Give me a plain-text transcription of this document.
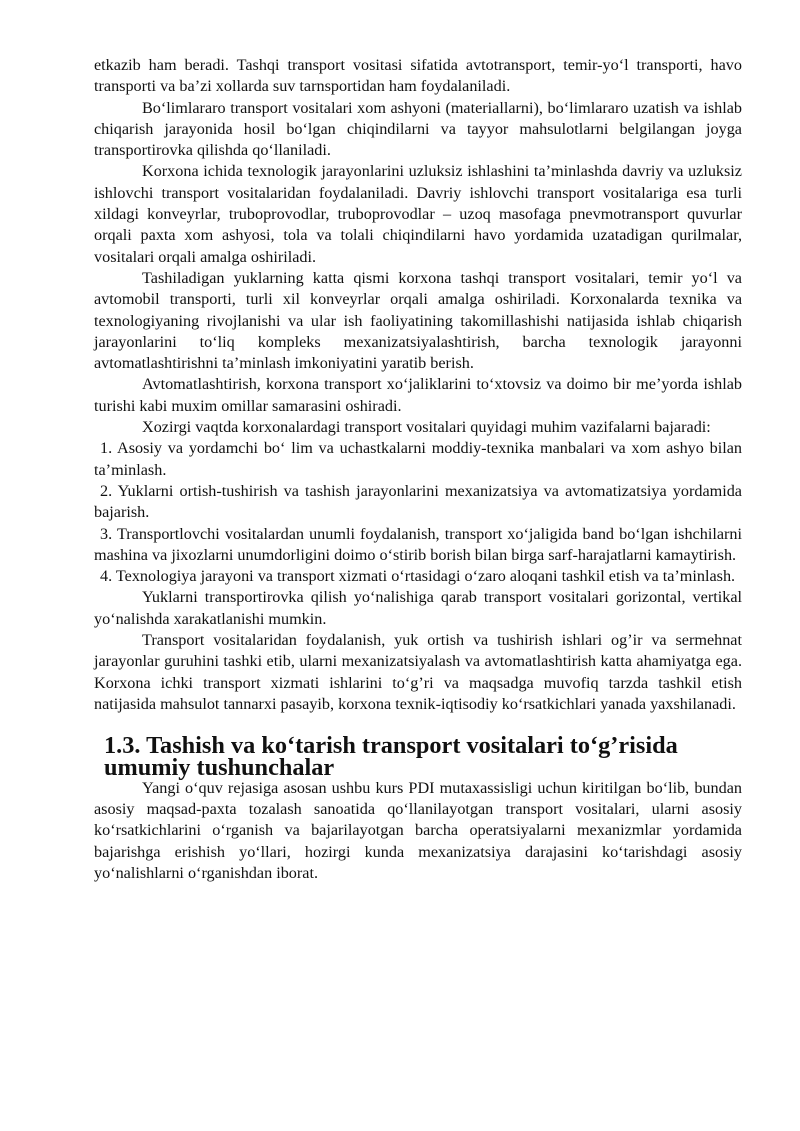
etkazib ham beradi. Tashqi transport vositasi sifatida avtotransport, temir-yo‘l transporti, havo transporti va ba’zi xollarda suv tarnsportidan ham foydalaniladi.

Bo‘limlararo transport vositalari xom ashyoni (materiallarni), bo‘limlararo uzatish va ishlab chiqarish jarayonida hosil bo‘lgan chiqindilarni va tayyor mahsulotlarni belgilangan joyga transportirovka qilishda qo‘llaniladi.

Korxona ichida texnologik jarayonlarini uzluksiz ishlashini ta’minlashda davriy va uzluksiz ishlovchi transport vositalaridan foydalaniladi. Davriy ishlovchi transport vositalariga esa turli xildagi konveyrlar, truboprovodlar, truboprovodlar – uzoq masofaga pnevmotransport quvurlar orqali paxta xom ashyosi, tola va tolali chiqindilarni havo yordamida uzatadigan qurilmalar, vositalari orqali amalga oshiriladi.

Tashiladigan yuklarning katta qismi korxona tashqi transport vositalari, temir yo‘l va avtomobil transporti, turli xil konveyrlar orqali amalga oshiriladi. Korxonalarda texnika va texnologiyaning rivojlanishi va ular ish faoliyatining takomillashishi natijasida ishlab chiqarish jarayonlarini to‘liq kompleks mexanizatsiyalashtirish, barcha texnologik jarayonni avtomatlashtirishni ta’minlash imkoniyatini yaratib berish.

Avtomatlashtirish, korxona transport xo‘jaliklarini to‘xtovsiz va doimo bir me’yorda ishlab turishi kabi muxim omillar samarasini oshiradi.

Xozirgi vaqtda korxonalardagi transport vositalari quyidagi muhim vazifalarni bajaradi:

1. Asosiy va yordamchi bo‘ lim va uchastkalarni moddiy-texnika manbalari va xom ashyo bilan ta’minlash.

2. Yuklarni ortish-tushirish va tashish jarayonlarini mexanizatsiya va avtomatizatsiya yordamida bajarish.

3. Transportlovchi vositalardan unumli foydalanish, transport xo‘jaligida band bo‘lgan ishchilarni mashina va jixozlarni unumdorligini doimo o‘stirib borish bilan birga sarf-harajatlarni kamaytirish.

4. Texnologiya jarayoni va transport xizmati o‘rtasidagi o‘zaro aloqani tashkil etish va ta’minlash.

Yuklarni transportirovka qilish yo‘nalishiga qarab transport vositalari gorizontal, vertikal yo‘nalishda xarakatlanishi mumkin.

Transport vositalaridan foydalanish, yuk ortish va tushirish ishlari og’ir va sermehnat jarayonlar guruhini tashki etib, ularni mexanizatsiyalash va avtomatlashtirish katta ahamiyatga ega. Korxona ichki transport xizmati ishlarini to‘g’ri va maqsadga muvofiq tarzda tashkil etish natijasida mahsulot tannarxi pasayib, korxona texnik-iqtisodiy ko‘rsatkichlari yanada yaxshilanadi.

1.3. Tashish va ko‘tarish transport vositalari to‘g’risida umumiy tushunchalar

Yangi o‘quv rejasiga asosan ushbu kurs PDI mutaxassisligi uchun kiritilgan bo‘lib, bundan asosiy maqsad-paxta tozalash sanoatida qo‘llanilayotgan transport vositalari, ularni asosiy ko‘rsatkichlarini o‘rganish va bajarilayotgan barcha operatsiyalarni mexanizmlar yordamida bajarishga erishish yo‘llari, hozirgi kunda mexanizatsiya darajasini ko‘tarishdagi asosiy yo‘nalishlarni o‘rganishdan iborat.
